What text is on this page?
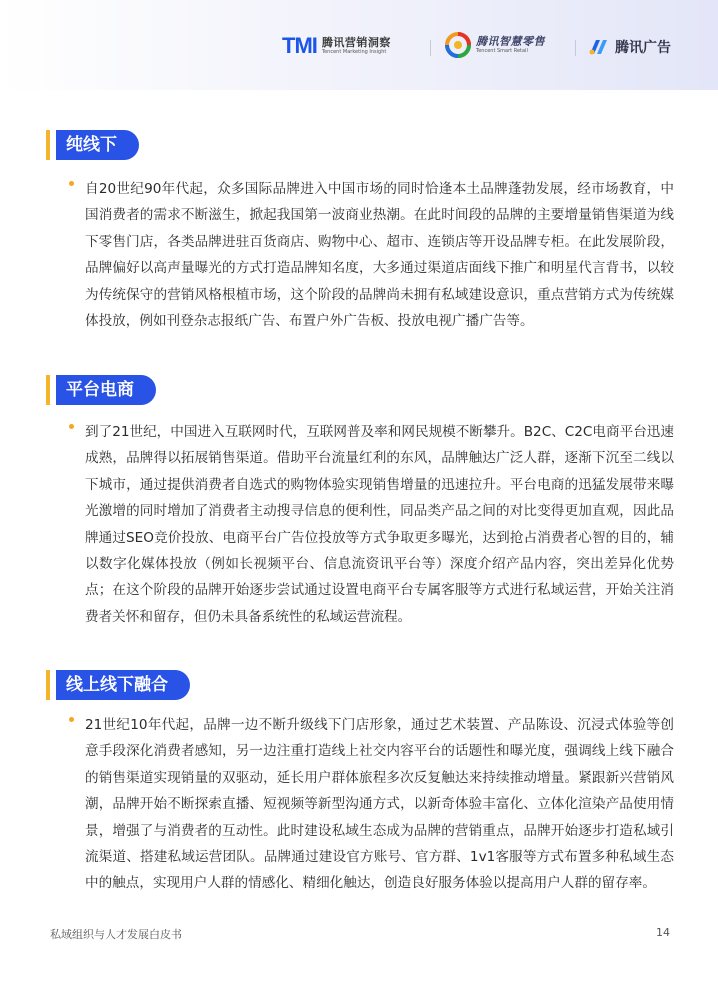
TMI 腾讯营销洞察
Tencent Marketing Insight
腾讯智慧零售
Tencent Smart Retail	腾讯广告
纯线下
自20世纪90年代起，众多国际品牌进入中国市场的同时恰逢本土品牌蓬勃发展，经市场教育，中国消费者的需求不断滋生，掀起我国第一波商业热潮。在此时间段的品牌的主要增量销售渠道为线下零售门店，各类品牌进驻百货商店、购物中心、超市、连锁店等开设品牌专柜。在此发展阶段，品牌偏好以高声量曝光的方式打造品牌知名度，大多通过渠道店面线下推广和明星代言背书，以较为传统保守的营销风格根植市场，这个阶段的品牌尚未拥有私域建设意识，重点营销方式为传统媒体投放，例如刊登杂志报纸广告、布置户外广告板、投放电视广播广告等。
平台电商
到了21世纪，中国进入互联网时代，互联网普及率和网民规模不断攀升。B2C、C2C电商平台迅速成熟，品牌得以拓展销售渠道。借助平台流量红利的东风，品牌触达广泛人群，逐渐下沉至二线以下城市，通过提供消费者自选式的购物体验实现销售增量的迅速拉升。平台电商的迅猛发展带来曝光激增的同时增加了消费者主动搜寻信息的便利性，同品类产品之间的对比变得更加直观，因此品牌通过SEO竞价投放、电商平台广告位投放等方式争取更多曝光，达到抢占消费者心智的目的，辅以数字化媒体投放（例如长视频平台、信息流资讯平台等）深度介绍产品内容，突出差异化优势点；在这个阶段的品牌开始逐步尝试通过设置电商平台专属客服等方式进行私域运营，开始关注消费者关怀和留存，但仍未具备系统性的私域运营流程。
线上线下融合
21世纪10年代起，品牌一边不断升级线下门店形象，通过艺术装置、产品陈设、沉浸式体验等创意手段深化消费者感知，另一边注重打造线上社交内容平台的话题性和曝光度，强调线上线下融合的销售渠道实现销量的双驱动，延长用户群体旅程多次反复触达来持续推动增量。紧跟新兴营销风潮，品牌开始不断探索直播、短视频等新型沟通方式，以新奇体验丰富化、立体化渲染产品使用情景，增强了与消费者的互动性。此时建设私域生态成为品牌的营销重点，品牌开始逐步打造私域引流渠道、搭建私域运营团队。品牌通过建设官方账号、官方群、1v1客服等方式布置多种私域生态中的触点，实现用户人群的情感化、精细化触达，创造良好服务体验以提高用户人群的留存率。
私域组织与人才发展白皮书	14
